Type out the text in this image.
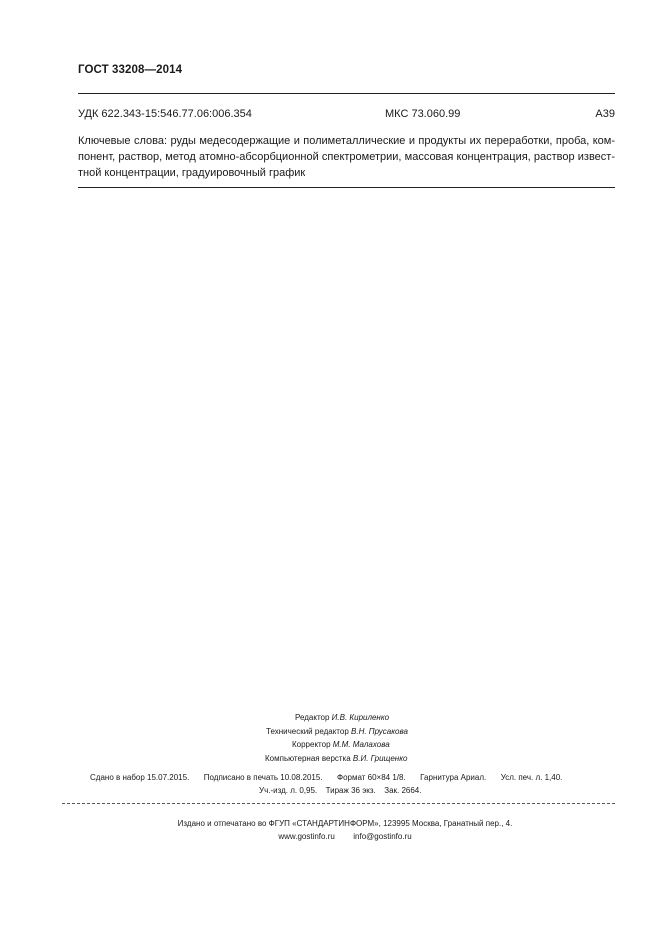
ГОСТ 33208—2014
УДК 622.343-15:546.77.06:006.354	МКС 73.060.99	А39
Ключевые слова: руды медесодержащие и полиметаллические и продукты их переработки, проба, ком-
понент, раствор, метод атомно-абсорбционной спектрометрии, массовая концентрация, раствор извест-
тной концентрации, градуировочный график
Редактор И.В. Кириленко
Технический редактор В.Н. Прусакова
Корректор М.М. Малахова
Компьютерная верстка В.И. Грищенко
Сдано в набор 15.07.2015. Подписано в печать 10.08.2015. Формат 60×84 1/8. Гарнитура Ариал. Усл. печ. л. 1,40.
Уч.-изд. л. 0,95. Тираж 36 экз. Зак. 2664.
Издано и отпечатано во ФГУП «СТАНДАРТИНФОРМ», 123995 Москва, Гранатный пер., 4.
www.gostinfo.ru info@gostinfo.ru
